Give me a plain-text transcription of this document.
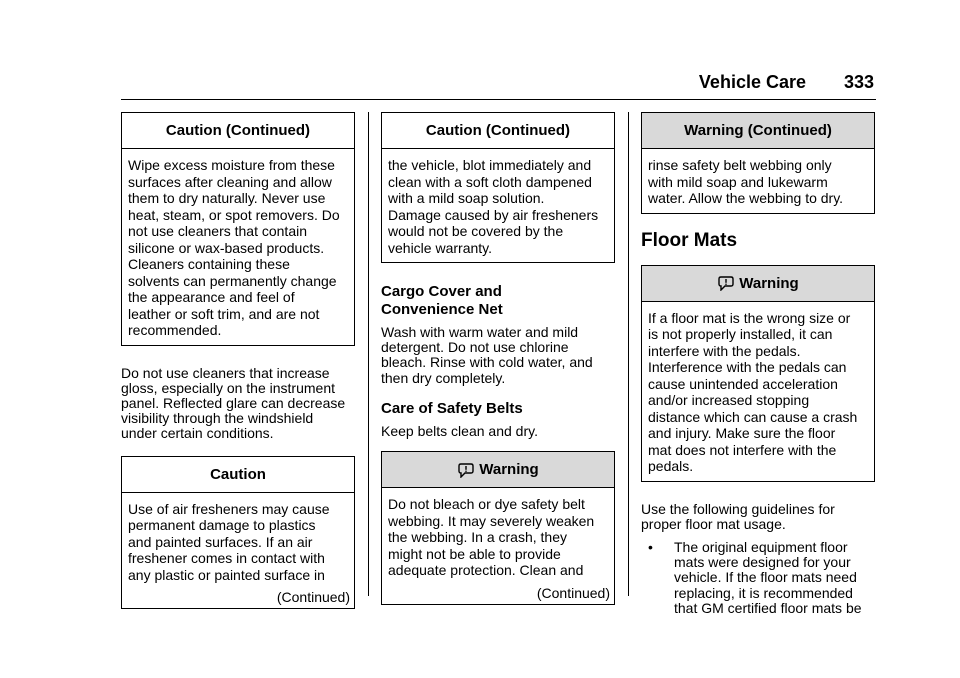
Vehicle Care 333
Caution (Continued)
Wipe excess moisture from these
surfaces after cleaning and allow
them to dry naturally. Never use
heat, steam, or spot removers. Do
not use cleaners that contain
silicone or wax-based products.
Cleaners containing these
solvents can permanently change
the appearance and feel of
leather or soft trim, and are not
recommended.
Do not use cleaners that increase
gloss, especially on the instrument
panel. Reflected glare can decrease
visibility through the windshield
under certain conditions.
Caution
Use of air fresheners may cause
permanent damage to plastics
and painted surfaces. If an air
freshener comes in contact with
any plastic or painted surface in
(Continued)
Caution (Continued)
the vehicle, blot immediately and
clean with a soft cloth dampened
with a mild soap solution.
Damage caused by air fresheners
would not be covered by the
vehicle warranty.
Cargo Cover and
Convenience Net
Wash with warm water and mild
detergent. Do not use chlorine
bleach. Rinse with cold water, and
then dry completely.
Care of Safety Belts
Keep belts clean and dry.
Warning
Do not bleach or dye safety belt
webbing. It may severely weaken
the webbing. In a crash, they
might not be able to provide
adequate protection. Clean and
(Continued)
Warning (Continued)
rinse safety belt webbing only
with mild soap and lukewarm
water. Allow the webbing to dry.
Floor Mats
Warning
If a floor mat is the wrong size or
is not properly installed, it can
interfere with the pedals.
Interference with the pedals can
cause unintended acceleration
and/or increased stopping
distance which can cause a crash
and injury. Make sure the floor
mat does not interfere with the
pedals.
Use the following guidelines for
proper floor mat usage.
•	The original equipment floor
mats were designed for your
vehicle. If the floor mats need
replacing, it is recommended
that GM certified floor mats be
